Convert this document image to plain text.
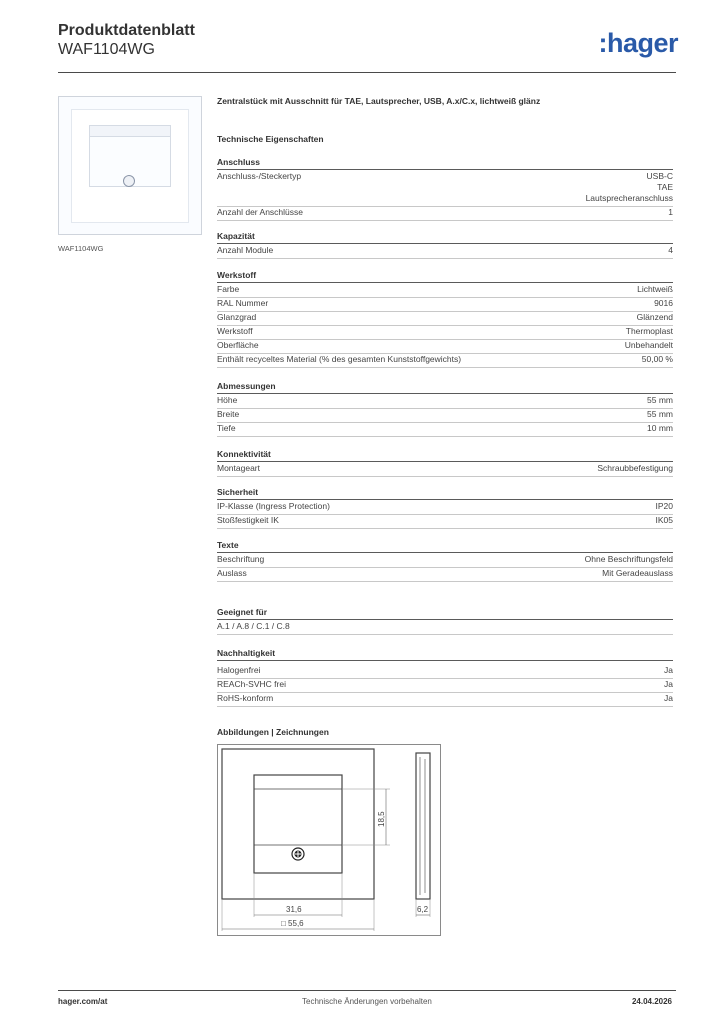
Produktdatenblatt
WAF1104WG	:hager
WAF1104WG
Zentralstück mit Ausschnitt für TAE, Lautsprecher, USB, A.x/C.x, lichtweiß glänz
Technische Eigenschaften
Anschluss
Anschluss-/Steckertyp	USB-C
TAE
Lautsprecheranschluss
Anzahl der Anschlüsse	1
Kapazität
Anzahl Module	4
Werkstoff
Farbe	Lichtweiß
RAL Nummer	9016
Glanzgrad	Glänzend
Werkstoff	Thermoplast
Oberfläche	Unbehandelt
Enthält recyceltes Material (% des gesamten Kunststoffgewichts)	50,00 %
Abmessungen
Höhe	55 mm
Breite	55 mm
Tiefe	10 mm
Konnektivität
Montageart	Schraubbefestigung
Sicherheit
IP-Klasse (Ingress Protection)	IP20
Stoßfestigkeit IK	IK05
Texte
Beschriftung	Ohne Beschriftungsfeld
Auslass	Mit Geradeauslass
Geeignet für
A.1 / A.8 / C.1 / C.8
Nachhaltigkeit
Halogenfrei	Ja
REACh-SVHC frei	Ja
RoHS-konform	Ja
Abbildungen | Zeichnungen
18,5
31,6
□ 55,6
6,2
hager.com/at	Technische Änderungen vorbehalten	24.04.2026
